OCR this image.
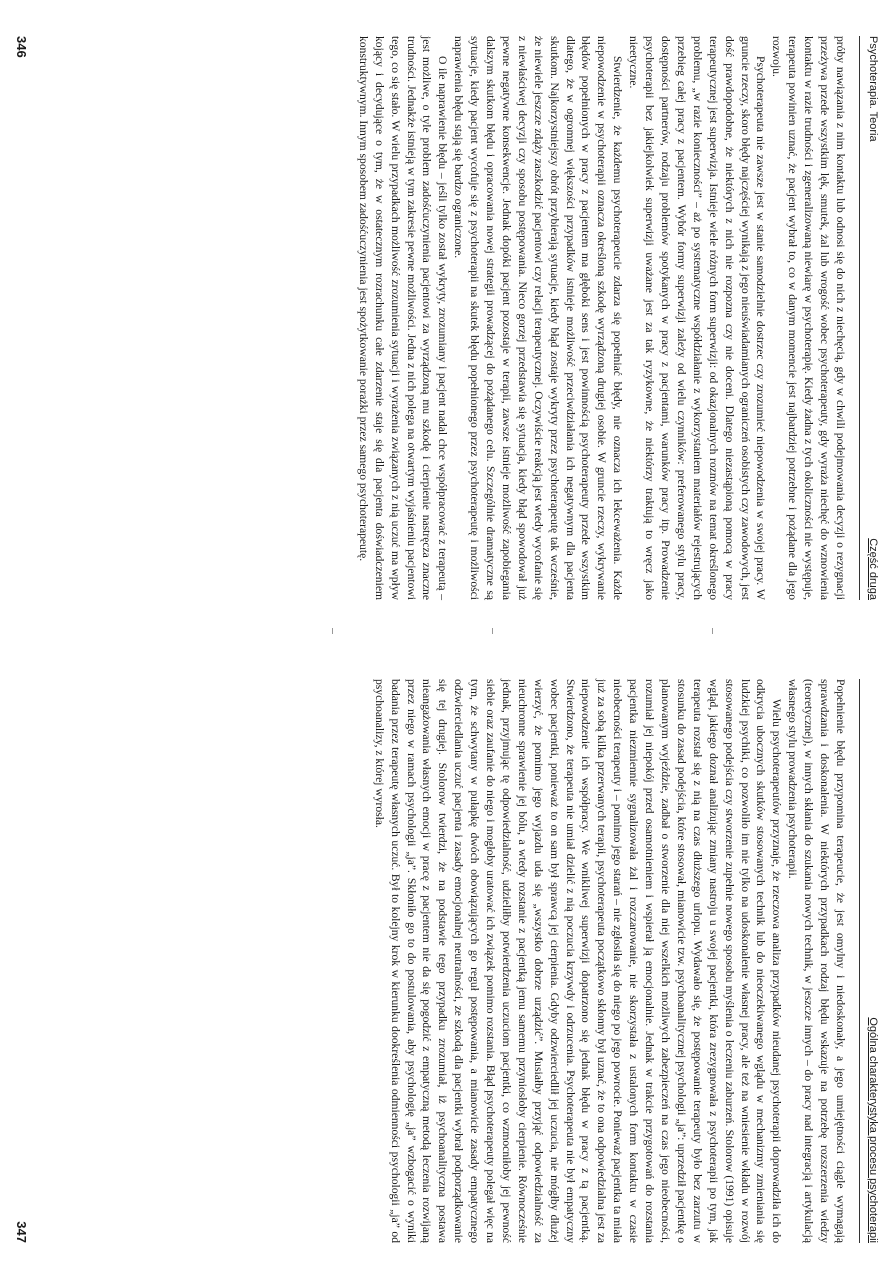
Psychoterapia. Teoria
Część druga

próby nawiązania z nim kontaktu lub odnosi się do nich z niechęcią, gdy w chwili podejmowania decyzji o rezygnacji przeżywa przede wszystkim lęk, smutek, żal lub wrogość wobec psychoterapeuty, gdy wyraża niechęć do wznowienia kontaktu w razie trudności i zgeneralizowaną niewiarę w psychoterapię. Kiedy żadna z tych okoliczności nie występuje, terapeuta powinien uznać, że pacjent wybrał to, co w danym momencie jest najbardziej potrzebne i pożądane dla jego rozwoju.

Psychoterapeuta nie zawsze jest w stanie samodzielnie dostrzec czy zrozumieć niepowodzenia w swojej pracy. W gruncie rzeczy, skoro błędy najczęściej wynikają z jego nieuświadamianych ograniczeń osobistych czy zawodowych, jest dość prawdopodobne, że niektórych z nich nie rozpozna czy nie doceni. Dlatego niezastąpioną pomocą w pracy terapeutycznej jest superwizja. Istnieje wiele różnych form superwizji: od okazjonalnych rozmów na temat określonego problemu, „w razie konieczności” – aż po systematyczne współdziałanie z wykorzystaniem materiałów rejestrujących przebieg całej pracy z pacjentem. Wybór formy superwizji zależy od wielu czynników: preferowanego stylu pracy, dostępności partnerów, rodzaju problemów spotykanych w pracy z pacjentami, warunków pracy itp. Prowadzenie psychoterapii bez jakiejkolwiek superwizji uważane jest za tak ryzykowne, że niektórzy traktują to wręcz jako nieetyczne.

Stwierdzenie, że każdemu psychoterapeucie zdarza się popełniać błędy, nie oznacza ich lekceważenia. Każde niepowodzenie w psychoterapii oznacza określoną szkodę wyrządzoną drugiej osobie. W gruncie rzeczy, wykrywanie błędów popełnionych w pracy z pacjentem ma głęboki sens i jest powinnością psychoterapeuty przede wszystkim dlatego, że w ogromnej większości przypadków istnieje możliwość przeciwdziałania ich negatywnym dla pacjenta skutkom. Najkorzystniejszy obrót przybierają sytuacje, kiedy błąd zostaje wykryty przez psychoterapeutę tak wcześnie, że niewiele jeszcze zdąży zaszkodzić pacjentowi czy relacji terapeutycznej. Oczywiście reakcją jest wtedy wycofanie się z niewłaściwej decyzji czy sposobu postępowania. Nieco gorzej przedstawia się sytuacja, kiedy błąd spowodował już pewne negatywne konsekwencje. Jednak dopóki pacjent pozostaje w terapii, zawsze istnieje możliwość zapobiegania dalszym skutkom błędu i opracowania nowej strategii prowadzącej do pożądanego celu. Szczególnie dramatyczne są sytuacje, kiedy pacjent wycofuje się z psychoterapii na skutek błędu popełnionego przez psychoterapeutę i możliwości naprawienia błędu stają się bardzo ograniczone.

O ile naprawienie błędu – jeśli tylko został wykryty, zrozumiany i pacjent nadal chce współpracować z terapeutą – jest możliwe, o tyle problem zadośćuczynienia pacjentowi za wyrządzoną mu szkodę i cierpienie nastręcza znaczne trudności. Jednakże istnieją w tym zakresie pewne możliwości. Jedna z nich polega na otwartym wyjaśnieniu pacjentowi tego, co się stało. W wielu przypadkach możliwość zrozumienia sytuacji i wyrażenia związanych z nią uczuć ma wpływ kojący i decydujące o tym, że w ostatecznym rozrachunku całe zdarzenie staje się dla pacjenta doświadczeniem konstruktywnym. Innym sposobem zadośćuczynienia jest spożytkowanie porażki przez samego psychoterapeutę.

346
Ogólna charakterystyka procesu psychoterapii

Popełnienie błędu przypomina terapeucie, że jest omylny i niedoskonały, a jego umiejętności ciągle wymagają sprawdzania i doskonalenia. W niektórych przypadkach rodzaj błędu wskazuje na potrzebę rozszerzenia wiedzy (teoretycznej), w innych skłania do szukania nowych technik, w jeszcze innych – do pracy nad integracją i artykulacją własnego stylu prowadzenia psychoterapii.

Wielu psychoterapeutów przyznaje, że rzeczowa analiza przypadków nieudanej psychoterapii doprowadziła ich do odkrycia ubocznych skutków stosowanych technik lub do nieoczekiwanego wglądu w mechanizmy zmieniania się ludzkiej psychiki, co pozwoliło im nie tylko na udoskonalenie własnej pracy, ale też na wniesienie wkładu w rozwój stosowanego podejścia czy stworzenie zupełnie nowego sposobu myślenia o leczeniu zaburzeń. Stolorow (1991) opisuje wgląd, jakiego doznał analizując zmiany nastroju u swojej pacjentki, która zrezygnowała z psychoterapii po tym, jak terapeuta rozstał się z nią na czas dłuższego urlopu. Wydawało się, że postępowanie terapeuty było bez zarzutu w stosunku do zasad podejścia, które stosował, mianowicie tzw. psychoanalitycznej psychologii „ja”: uprzedził pacjentkę o planowanym wyjeździe, zadbał o stworzenie dla niej wszelkich możliwych zabezpieczeń na czas jego nieobecności, rozumiał jej niepokój przed osamotnieniem i wspierał ją emocjonalnie. Jednak w trakcie przygotowań do rozstania pacjentka niezmiennie sygnalizowała żal i rozczarowanie, nie skorzystała z ustalonych form kontaktu w czasie nieobecności terapeuty i – pomimo jego starań – nie zgłosiła się do niego po jego powrocie. Ponieważ pacjentka ta miała już za sobą kilka przerwanych terapii, psychoterapeuta początkowo skłonny był uznać, że to ona odpowiedzialna jest za niepowodzenie ich współpracy. We wnikliwej superwizji dopatrzono się jednak błędu w pracy z tą pacjentką. Stwierdzono, że terapeuta nie umiał dzielić z nią poczucia krzywdy i odrzucenia. Psychoterapeuta nie był empatyczny wobec pacjentki, ponieważ to on sam był sprawcą jej cierpienia. Gdyby odzwierciedlił jej uczucia, nie mógłby dłużej wierzyć, że pomimo jego wyjazdu uda się „wszystko dobrze urządzić”. Musiałby przyjąć odpowiedzialność za nieuchronne sprawienie jej bólu, a wtedy rozstanie z pacjentką jemu samemu przyniosłoby cierpienie. Równocześnie jednak, przyjmując tę odpowiedzialność, udzieliłby potwierdzenia uczuciom pacjentki, co wzmocniłoby jej pewność siebie oraz zaufanie do niego i mogłoby uratować ich związek pomimo rozstania. Błąd psychoterapeuty polegał więc na tym, że schwytany w pułapkę dwóch obowiązujących go reguł postępowania, a mianowicie zasady empatycznego odzwierciedlania uczuć pacjenta i zasady emocjonalnej neutralności, ze szkodą dla pacjentki wybrał podporządkowanie się tej drugiej. Stolorow twierdzi, że na podstawie tego przypadku zrozumiał, iż psychoanalityczna postawa nieangażowania własnych emocji w pracę z pacjentem nie da się pogodzić z empatyczną metodą leczenia rozwijaną przez niego w ramach psychologii „ja”. Skłoniło go to do postulowania, aby psychologię „ja” wzbogacić o wyniki badania przez terapeutę własnych uczuć. Był to kolejny krok w kierunku dookreślenia odmienności psychologii „ja” od psychoanalizy, z której wyrosła.

347
